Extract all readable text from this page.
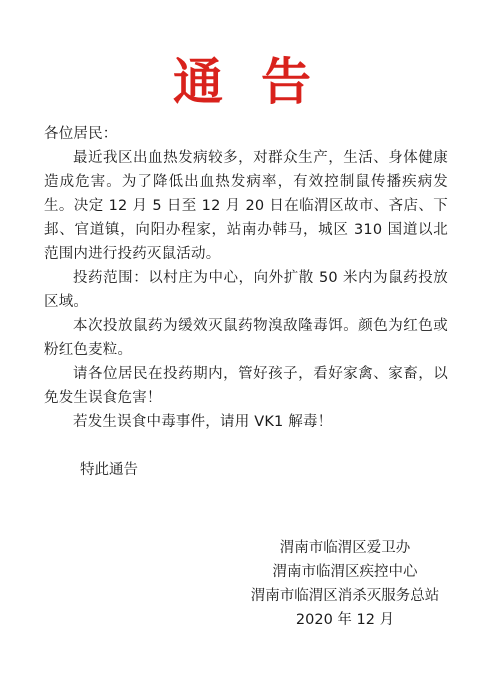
通告

各位居民：

最近我区出血热发病较多，对群众生产，生活、身体健康造成危害。为了降低出血热发病率，有效控制鼠传播疾病发生。决定 12 月 5 日至 12 月 20 日在临渭区故市、吝店、下邽、官道镇，向阳办程家，站南办韩马，城区 310 国道以北范围内进行投药灭鼠活动。

投药范围：以村庄为中心，向外扩散 50 米内为鼠药投放区域。

本次投放鼠药为缓效灭鼠药物溴敌隆毒饵。颜色为红色或粉红色麦粒。

请各位居民在投药期内，管好孩子，看好家禽、家畜，以免发生误食危害！

若发生误食中毒事件，请用 VK1 解毒！

特此通告
渭南市临渭区爱卫办
渭南市临渭区疾控中心
渭南市临渭区消杀灭服务总站
2020 年 12 月
